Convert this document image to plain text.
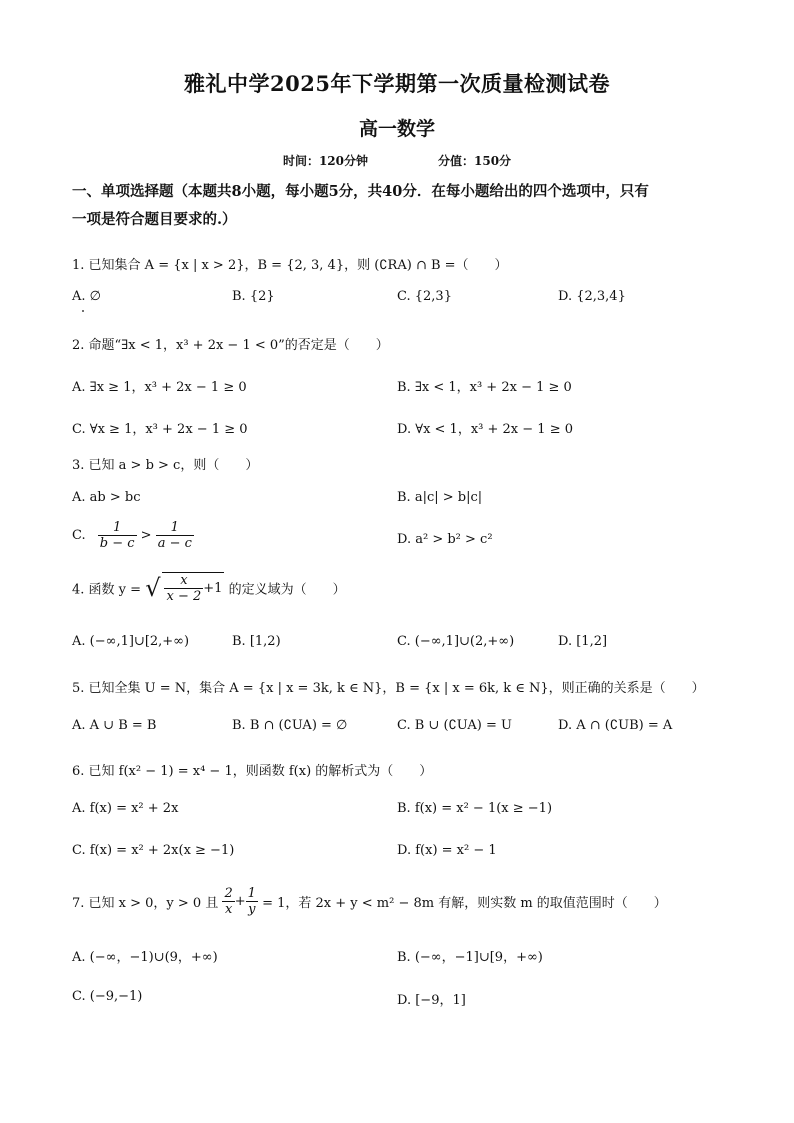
雅礼中学2025年下学期第一次质量检测试卷
高一数学
时间：120分钟	分值：150分
一、单项选择题（本题共8小题，每小题5分，共40分．在每小题给出的四个选项中，只有
一项是符合题目要求的.）
1. 已知集合 A = {x | x > 2}，B = {2, 3, 4}，则 (∁RA) ∩ B =（　　）
A. ∅	B. {2}	C. {2,3}	D. {2,3,4}
2. 命题“∃x < 1，x³ + 2x − 1 < 0”的否定是（　　）
A. ∃x ≥ 1，x³ + 2x − 1 ≥ 0	B. ∃x < 1，x³ + 2x − 1 ≥ 0
C. ∀x ≥ 1，x³ + 2x − 1 ≥ 0	D. ∀x < 1，x³ + 2x − 1 ≥ 0
3. 已知 a > b > c，则（　　）
A. ab > bc	B. a|c| > b|c|
C. $\frac{1}{b - c} > \frac{1}{a - c}$	D. a² > b² > c²
4. 函数 y = √ $\frac{x}{x - 2} +1$ 的定义域为（　　）
A. (−∞,1]∪[2,+∞)	B. [1,2)	C. (−∞,1]∪(2,+∞)	D. [1,2]
5. 已知全集 U = N，集合 A = {x | x = 3k, k ∈ N}，B = {x | x = 6k, k ∈ N}，则正确的关系是（　　）
A. A ∪ B = B	B. B ∩ (∁UA) = ∅	C. B ∪ (∁UA) = U	D. A ∩ (∁UB) = A
6. 已知 f(x² − 1) = x⁴ − 1，则函数 f(x) 的解析式为（　　）
A. f(x) = x² + 2x	B. f(x) = x² − 1(x ≥ −1)
C. f(x) = x² + 2x(x ≥ −1)	D. f(x) = x² − 1
7. 已知 x > 0，y > 0 且 $\frac{2}{x} + \frac{1}{y} = 1$，若 2x + y < m² − 8m 有解，则实数 m 的取值范围时（　　）
A. (−∞，−1)∪(9，+∞)	B. (−∞，−1]∪[9，+∞)
C. (−9,−1)	D. [−9，1]
